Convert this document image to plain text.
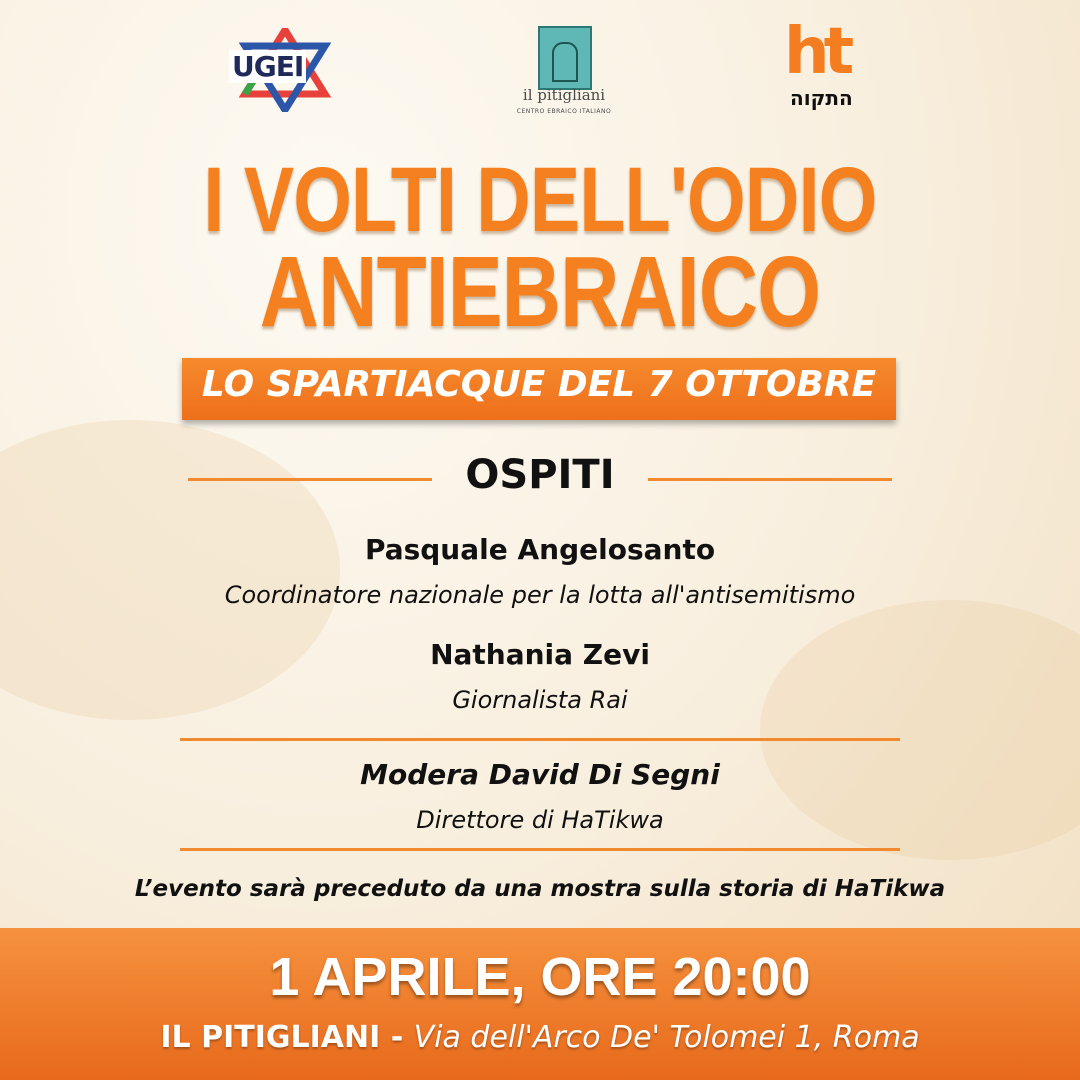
UGEI
il pitigliani
CENTRO EBRAICO ITALIANO
ht
התקוה
I VOLTI DELL'ODIO
ANTIEBRAICO
LO SPARTIACQUE DEL 7 OTTOBRE
OSPITI
Pasquale Angelosanto
Coordinatore nazionale per la lotta all'antisemitismo
Nathania Zevi
Giornalista Rai
Modera David Di Segni
Direttore di HaTikwa
L’evento sarà preceduto da una mostra sulla storia di HaTikwa
1 APRILE, ORE 20:00
IL PITIGLIANI - Via dell'Arco De' Tolomei 1, Roma
